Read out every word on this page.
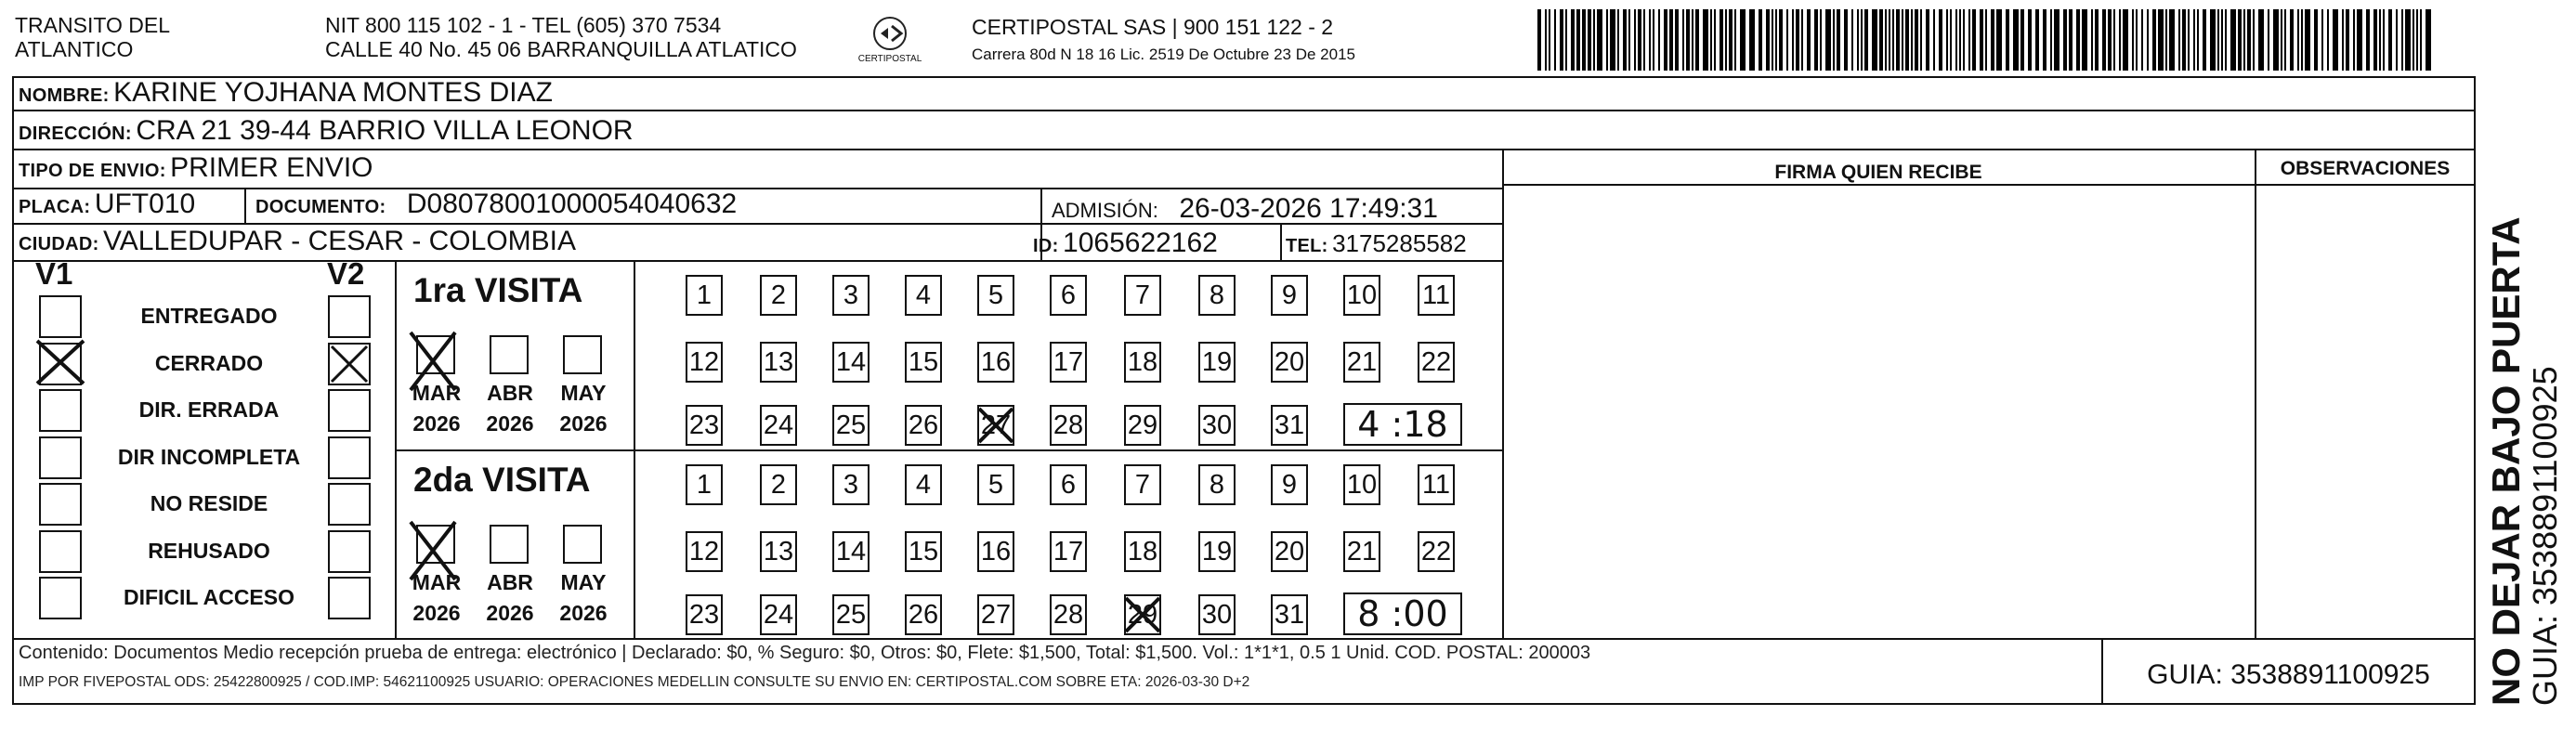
TRANSITO DEL
ATLANTICO
NIT 800 115 102 - 1 - TEL (605) 370 7534
CALLE 40 No. 45 06 BARRANQUILLA ATLATICO	CERTIPOSTAL
CERTIPOSTAL SAS | 900 151 122 - 2
Carrera 80d N 18 16 Lic. 2519 De Octubre 23 De 2015
NOMBRE: KARINE YOJHANA MONTES DIAZ
DIRECCIÓN: CRA 21 39-44 BARRIO VILLA LEONOR
TIPO DE ENVIO: PRIMER ENVIO
PLACA: UFT010	DOCUMENTO: D08078001000054040632	ADMISIÓN: 26-03-2026 17:49:31
CIUDAD: VALLEDUPAR - CESAR - COLOMBIA	ID: 1065622162	TEL: 3175285582
FIRMA QUIEN RECIBE	OBSERVACIONES
V1	V2
ENTREGADO
CERRADO
DIR. ERRADA
DIR INCOMPLETA
NO RESIDE
REHUSADO
DIFICIL ACCESO
1ra VISITA
MAR
2026
ABR
2026
MAY
2026
1	2	3	4	5	6	7	8	9	10 11
12 13 14 15 16 17 18 19 20 21 22
23 24 25 26 27 28 29 30 31	4 :18
2da VISITA
MAR
2026
ABR
2026
MAY
2026
1	2	3	4	5	6	7	8	9	10 11
12 13 14 15 16 17 18 19 20 21 22
23 24 25 26 27 28 29 30 31	8 :00
Contenido: Documentos Medio recepción prueba de entrega: electrónico | Declarado: $0, % Seguro: $0, Otros: $0, Flete: $1,500, Total: $1,500. Vol.: 1*1*1, 0.5 1 Unid. COD. POSTAL: 200003
IMP POR FIVEPOSTAL ODS: 25422800925 / COD.IMP: 54621100925 USUARIO: OPERACIONES MEDELLIN CONSULTE SU ENVIO EN: CERTIPOSTAL.COM SOBRE ETA: 2026-03-30 D+2	GUIA: 3538891100925	NO DEJAR BAJO PUERTA
GUIA: 3538891100925
